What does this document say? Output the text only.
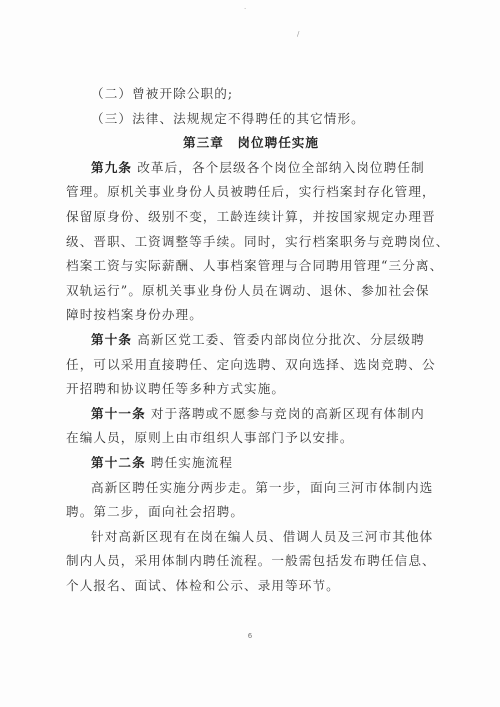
·
/
（二）曾被开除公职的;
（三）法律、法规规定不得聘任的其它情形。
第三章　岗位聘任实施
第九条 改革后，各个层级各个岗位全部纳入岗位聘任制
管理。原机关事业身份人员被聘任后，实行档案封存化管理，
保留原身份、级别不变，工龄连续计算，并按国家规定办理晋
级、晋职、工资调整等手续。同时，实行档案职务与竞聘岗位、
档案工资与实际薪酬、人事档案管理与合同聘用管理“三分离、
双轨运行”。原机关事业身份人员在调动、退休、参加社会保
障时按档案身份办理。
第十条 高新区党工委、管委内部岗位分批次、分层级聘
任，可以采用直接聘任、定向选聘、双向选择、选岗竞聘、公
开招聘和协议聘任等多种方式实施。
第十一条 对于落聘或不愿参与竞岗的高新区现有体制内
在编人员，原则上由市组织人事部门予以安排。
第十二条 聘任实施流程
高新区聘任实施分两步走。第一步，面向三河市体制内选
聘。第二步，面向社会招聘。
针对高新区现有在岗在编人员、借调人员及三河市其他体
制内人员，采用体制内聘任流程。一般需包括发布聘任信息、
个人报名、面试、体检和公示、录用等环节。
6
